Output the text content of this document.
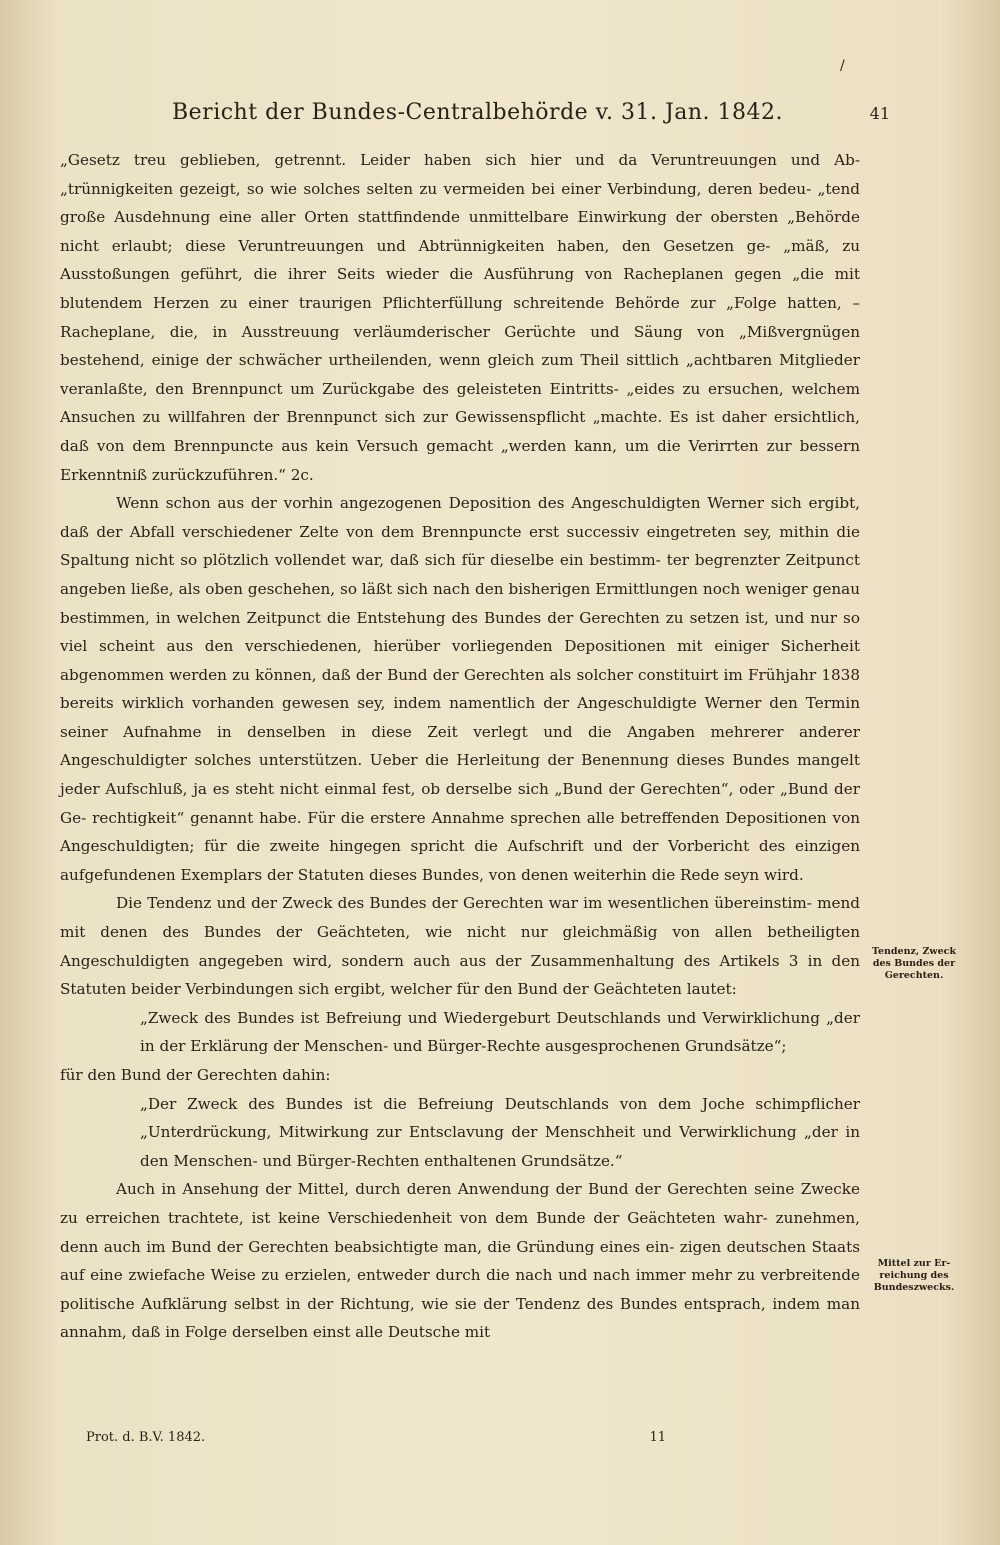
/
Bericht der Bundes-Centralbehörde v. 31. Jan. 1842.	41

„Gesetz treu geblieben, getrennt. Leider haben sich hier und da Veruntreuungen und Ab- „trünnigkeiten gezeigt, so wie solches selten zu vermeiden bei einer Verbindung, deren bedeu- „tend große Ausdehnung eine aller Orten stattfindende unmittelbare Einwirkung der obersten „Behörde nicht erlaubt; diese Veruntreuungen und Abtrünnigkeiten haben, den Gesetzen ge- „mäß, zu Ausstoßungen geführt, die ihrer Seits wieder die Ausführung von Racheplanen gegen „die mit blutendem Herzen zu einer traurigen Pflichterfüllung schreitende Behörde zur „Folge hatten, – Racheplane, die, in Ausstreuung verläumderischer Gerüchte und Säung von „Mißvergnügen bestehend, einige der schwächer urtheilenden, wenn gleich zum Theil sittlich „achtbaren Mitglieder veranlaßte, den Brennpunct um Zurückgabe des geleisteten Eintritts- „eides zu ersuchen, welchem Ansuchen zu willfahren der Brennpunct sich zur Gewissenspflicht „machte. Es ist daher ersichtlich, daß von dem Brennpuncte aus kein Versuch gemacht „werden kann, um die Verirrten zur bessern Erkenntniß zurückzuführen.“ 2c.

Wenn schon aus der vorhin angezogenen Deposition des Angeschuldigten Werner sich ergibt, daß der Abfall verschiedener Zelte von dem Brennpuncte erst successiv eingetreten sey, mithin die Spaltung nicht so plötzlich vollendet war, daß sich für dieselbe ein bestimm- ter begrenzter Zeitpunct angeben ließe, als oben geschehen, so läßt sich nach den bisherigen Ermittlungen noch weniger genau bestimmen, in welchen Zeitpunct die Entstehung des Bundes der Gerechten zu setzen ist, und nur so viel scheint aus den verschiedenen, hierüber vorliegenden Depositionen mit einiger Sicherheit abgenommen werden zu können, daß der Bund der Gerechten als solcher constituirt im Frühjahr 1838 bereits wirklich vorhanden gewesen sey, indem namentlich der Angeschuldigte Werner den Termin seiner Aufnahme in denselben in diese Zeit verlegt und die Angaben mehrerer anderer Angeschuldigter solches unterstützen. Ueber die Herleitung der Benennung dieses Bundes mangelt jeder Aufschluß, ja es steht nicht einmal fest, ob derselbe sich „Bund der Gerechten“, oder „Bund der Ge- rechtigkeit“ genannt habe. Für die erstere Annahme sprechen alle betreffenden Depositionen von Angeschuldigten; für die zweite hingegen spricht die Aufschrift und der Vorbericht des einzigen aufgefundenen Exemplars der Statuten dieses Bundes, von denen weiterhin die Rede seyn wird.

Die Tendenz und der Zweck des Bundes der Gerechten war im wesentlichen übereinstim- mend mit denen des Bundes der Geächteten, wie nicht nur gleichmäßig von allen betheiligten Angeschuldigten angegeben wird, sondern auch aus der Zusammenhaltung des Artikels 3 in den Statuten beider Verbindungen sich ergibt, welcher für den Bund der Geächteten lautet:

„Zweck des Bundes ist Befreiung und Wiedergeburt Deutschlands und Verwirklichung „der in der Erklärung der Menschen- und Bürger-Rechte ausgesprochenen Grundsätze“;

für den Bund der Gerechten dahin:

„Der Zweck des Bundes ist die Befreiung Deutschlands von dem Joche schimpflicher „Unterdrückung, Mitwirkung zur Entsclavung der Menschheit und Verwirklichung „der in den Menschen- und Bürger-Rechten enthaltenen Grundsätze.“

Auch in Ansehung der Mittel, durch deren Anwendung der Bund der Gerechten seine Zwecke zu erreichen trachtete, ist keine Verschiedenheit von dem Bunde der Geächteten wahr- zunehmen, denn auch im Bund der Gerechten beabsichtigte man, die Gründung eines ein- zigen deutschen Staats auf eine zwiefache Weise zu erzielen, entweder durch die nach und nach immer mehr zu verbreitende politische Aufklärung selbst in der Richtung, wie sie der Tendenz des Bundes entsprach, indem man annahm, daß in Folge derselben einst alle Deutsche mit

Tendenz, Zweck des Bundes der Gerechten.
Mittel zur Er- reichung des Bundeszwecks.
Prot. d. B.V. 1842.	11
